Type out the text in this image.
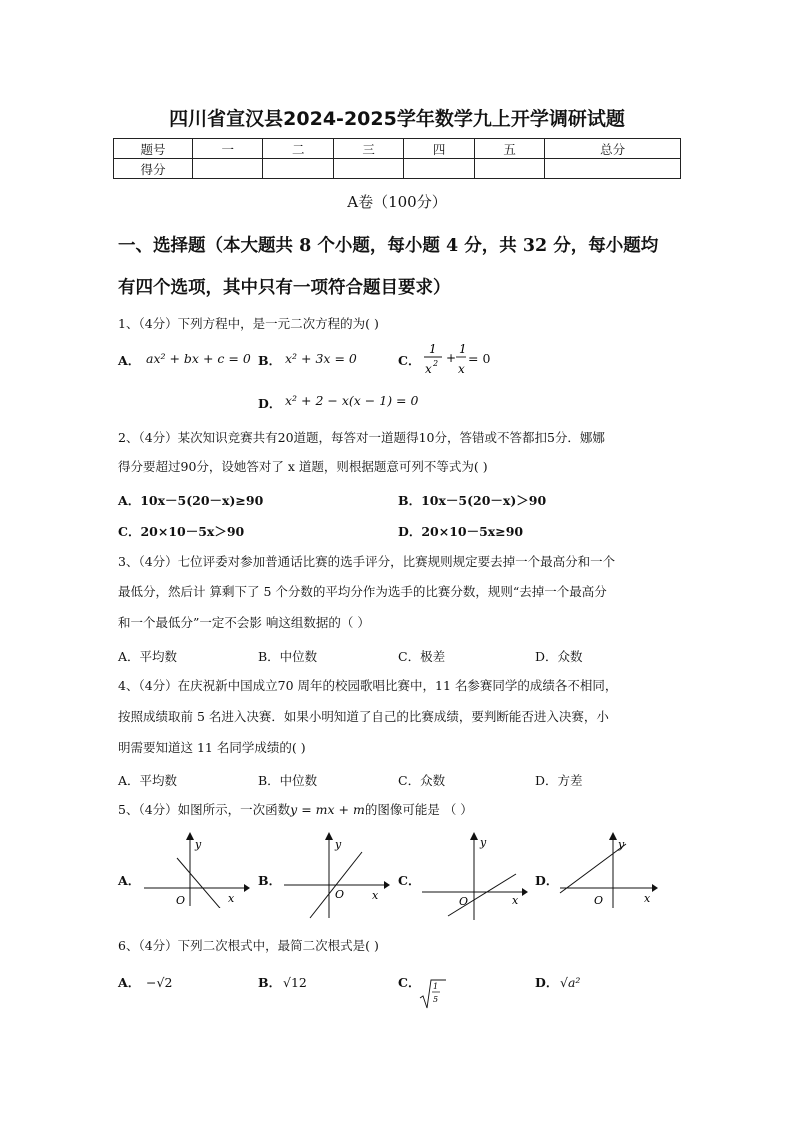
四川省宣汉县2024-2025学年数学九上开学调研试题
题号	一	二	三	四	五	总分
得分						
A卷（100分）
一、选择题（本大题共 8 个小题，每小题 4 分，共 32 分，每小题均
有四个选项，其中只有一项符合题目要求）
1、（4分）下列方程中，是一元二次方程的为( )
A． ax² + bx + c = 0 B． x² + 3x = 0	C．
1
x 2 +
1
x
= 0
D． x² + 2 − x(x − 1) = 0
2、（4分）某次知识竞赛共有20道题，每答对一道题得10分，答错或不答都扣5分．娜娜
得分要超过90分，设她答对了 x 道题，则根据题意可列不等式为( )
A．10x－5(20－x)≥90	B．10x－5(20－x)＞90
C．20×10－5x＞90	D．20×10－5x≥90
3、（4分）七位评委对参加普通话比赛的选手评分，比赛规则规定要去掉一个最高分和一个
最低分，然后计 算剩下了 5 个分数的平均分作为选手的比赛分数，规则“去掉一个最高分
和一个最低分”一定不会影 响这组数据的（ ）
A．平均数	B．中位数	C．极差	D．众数
4、（4分）在庆祝新中国成立70 周年的校园歌唱比赛中，11 名参赛同学的成绩各不相同，
按照成绩取前 5 名进入决赛．如果小明知道了自己的比赛成绩，要判断能否进入决赛，小
明需要知道这 11 名同学成绩的( )
A．平均数	B．中位数	C．众数	D．方差
5、（4分）如图所示，一次函数y = mx + m的图像可能是 （ ）
A．
y
x
O
B．
y
x
O
C．
y
x
O
D．
y
x
O
6、（4分）下列二次根式中，最简二次根式是( )
A． −√2	B． √12	C． 1
5
D． √a²
